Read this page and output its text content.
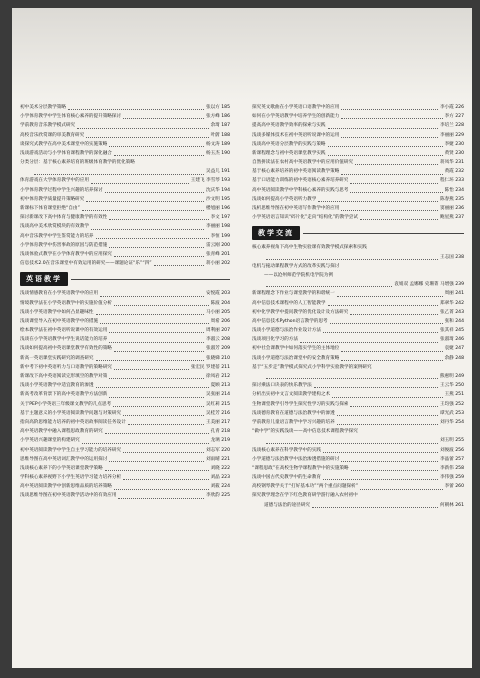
初中美术分层教学策略	张以方 185
小学体育教学中学生体育核心素养的提升策略探讨	张方峰 186
学前教育音乐教学模式研究	余琦 187
高校音乐欣赏课的审美教育研究	叶蔚 188
谈探究式教学在高中美术课堂中的实施策略	杨文涛 189
浅谈游戏活动与小学体育课程教学的深化融合	杨玉杰 190
分类分层：基于核心素养培育的班级体育教学的优化策略
吴益儿 191
体育游戏在大学体育教学中的应用	王建飞 李雪琴 193
小学体育教学过程中学生兴趣的培养探讨	沈庆华 194
初中体育教学质量提升策略研究	沙文明 195
新课标下体育课堂拒绝“自由”	楼旭丽 196
探讨新课改下高中体育与健康教学的有效性	李文 197
浅谈高中美术欣赏模块的有效教学	李丽丽 198
高中音乐教学中学生鉴赏能力的培养	李恒 199
小学体育教学中伤害事故的原因与防范措施	雷云刚 200
浅谈体验式教学在小学体育教学中的应用探究	张青峰 201
信息技术2.0在音乐课堂中有效运用的研究——课题论证“乐”“四”	蒋小丽 202
英语教学
浅谈情感教育在小学英语教学中的应用	安悦霞 203
情境教学法在小学英语教学中的实施价值分析	陈波 204
浅谈小学英语教学中如何凸显趣味性	马小丽 205
浅谈课堂导入在初中英语教学中的措施	周希 206
绘本教学法在初中英语听说课中的有效运用	周利丽 207
浅谈在小学英语教学中学生说话能力的培养	李淑云 208
浅谈如何提高初中英语课堂教学有效性的策略	张淑芳 209
新高一英语课堂实践研究的调查研究	张晓娣 210
新中考下初中英语听力与口语教学的策略研究	张宏民 罗建蓓 211
新课改下高中英语阅读完形填空的教学对策	徐凤岩 212
浅谈小学英语教学中适宜教育的渗透	夏顾 213
新高考改革背景下的高中英语教学方法创新	吴张丽 214
关于PEP小学英语三年级课文教学的几点思考	吴红莉 215
基于主题意义的小学英语阅读教学问题与对策研究	吴桂芳 216
指向高阶思维能力培养的初中英语故事阅读任务设计	王美丽 217
高中英语教学中融入课程思政教育的研究	孔青 218
小学英语兴趣课堂的构建研究	龙璃 219
初中英语阅读教学中学生自主学习能力的培养研究	刘志军 220
思维导图在高中英语词汇教学中的运用探讨	刘雨晴 221
浅谈核心素养下的小学英语课堂教学策略	刘晓 222
学科核心素养视野下小学生英语学习能力培养分析	刘晶 223
高中英语阅读教学中创新思维品质的培养策略	刘筱 224
浅谈思维导图在初中英语教学活动中的有效应用	李欣韵 225
探究英文歌曲在小学英语口语教学中的应用	李小霞 226
如何在小学英语教学中培养学生的创新能力	李方 227
提高高中英语教学效率的探索与实践	李培兰 228
浅谈多媒体技术在初中英语听说课中的运用	李丽丽 229
浅谈高中英语分层教学的实践与策略	李婕 230
新课程理念与初中英语课堂教学实践	黄贤 230
自然拼读法在农村高中英语教学中的应用价值研究	蒋凤华 231
基于核心素养培养的初中英语阅读教学策略	黄霞 232
基于口语能力训练的初中英语核心素养培养研究	程仁环 233
高中英语阅读教学中学科核心素养的实践与思考	陈怡 234
浅谈如何提高小学英语听力教学	陈春燕 235
浅析思维导图在初中英语写作教学中的应用	窦丽丽 236
小学英语语言知识“碎片化”走向“结构化”的教学尝试	鲍星燕 237
教学交流
核心素养视角下高中生物实验课有效教学模式探索和实践
王志国 238
电机与拖动课程教学方式的改革实践与探讨
——以沧州师范学院机电学院为例
袁娟双 孟娜娜 史珊菁 马增强 239
新课程理念下作业与课堂教学的和谐统一	周丽 241
高中信息技术课程中的人工智能教学	郑翠华 242
初中化学教学中提问教学的优化设计及方法研究	张乙菁 243
高中信息技术Python语言教学的思考	张和 244
浅谈小学道德与法治作业设计方法	张其祥 245
浅谈项目化学习的方法	张淑琦 246
初中社会课教学中如何落实学生的主体地位	袁婕 247
浅谈小学道德与法治课堂中的安全教育策略	余静 248
基于“五步走”教学模式探究式小学科学实验教学的案例研究
熊惠明 249
探讨乘法口诀表的快乐教学法	王云华 250
分析出实初中文言文阅读教学建构之术	王燕 251
生物课堂教学引导学生探究性学习的实践与探索	王均强 252
浅谈德育教育在道德与法治教学中的渗透	谭光武 253
学前教育儿童语言教学中学习兴趣的培养	刘丹华 254
“做中学”的实践浅谈——高中信息技术课程教学探究
刘玉明 255
浅谈核心素养在科学教学中的实践	刘俊波 256
小学道德与法治教学中法治渗透措施的研讨	李晶蕾 257
“课程思政”在高校生物学课程教学中的实施策略	李新伟 258
浅谈中国古代史教学中的生命教育	李伟强 259
高校钢琴教学关于“打好基本功”“两个重点问题探析”	李蕾 260
探究教学理念在学下红色教育研学游行融入农村初中
道德与法治的途径研究	何朝林 261
